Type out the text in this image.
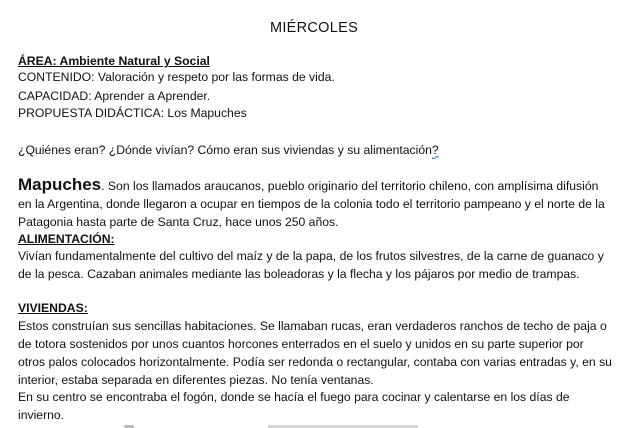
MIÉRCOLES
ÁREA: Ambiente Natural y Social
CONTENIDO: Valoración y respeto por las formas de vida.
CAPACIDAD: Aprender a Aprender.
PROPUESTA DIDÁCTICA: Los Mapuches
¿Quiénes eran? ¿Dónde vivían? Cómo eran sus viviendas y su alimentación?
Mapuches. Son los llamados araucanos, pueblo originario del territorio chileno, con amplísima difusión en la Argentina, donde llegaron a ocupar en tiempos de la colonia todo el territorio pampeano y el norte de la Patagonia hasta parte de Santa Cruz, hace unos 250 años.
ALIMENTACIÓN:
Vivían fundamentalmente del cultivo del maíz y de la papa, de los frutos silvestres, de la carne de guanaco y de la pesca. Cazaban animales mediante las boleadoras y la flecha y los pájaros por medio de trampas.
VIVIENDAS:
Estos construían sus sencillas habitaciones. Se llamaban rucas, eran verdaderos ranchos de techo de paja o de totora sostenidos por unos cuantos horcones enterrados en el suelo y unidos en su parte superior por otros palos colocados horizontalmente. Podía ser redonda o rectangular, contaba con varias entradas y, en su interior, estaba separada en diferentes piezas. No tenía ventanas.
En su centro se encontraba el fogón, donde se hacía el fuego para cocinar y calentarse en los días de invierno.
